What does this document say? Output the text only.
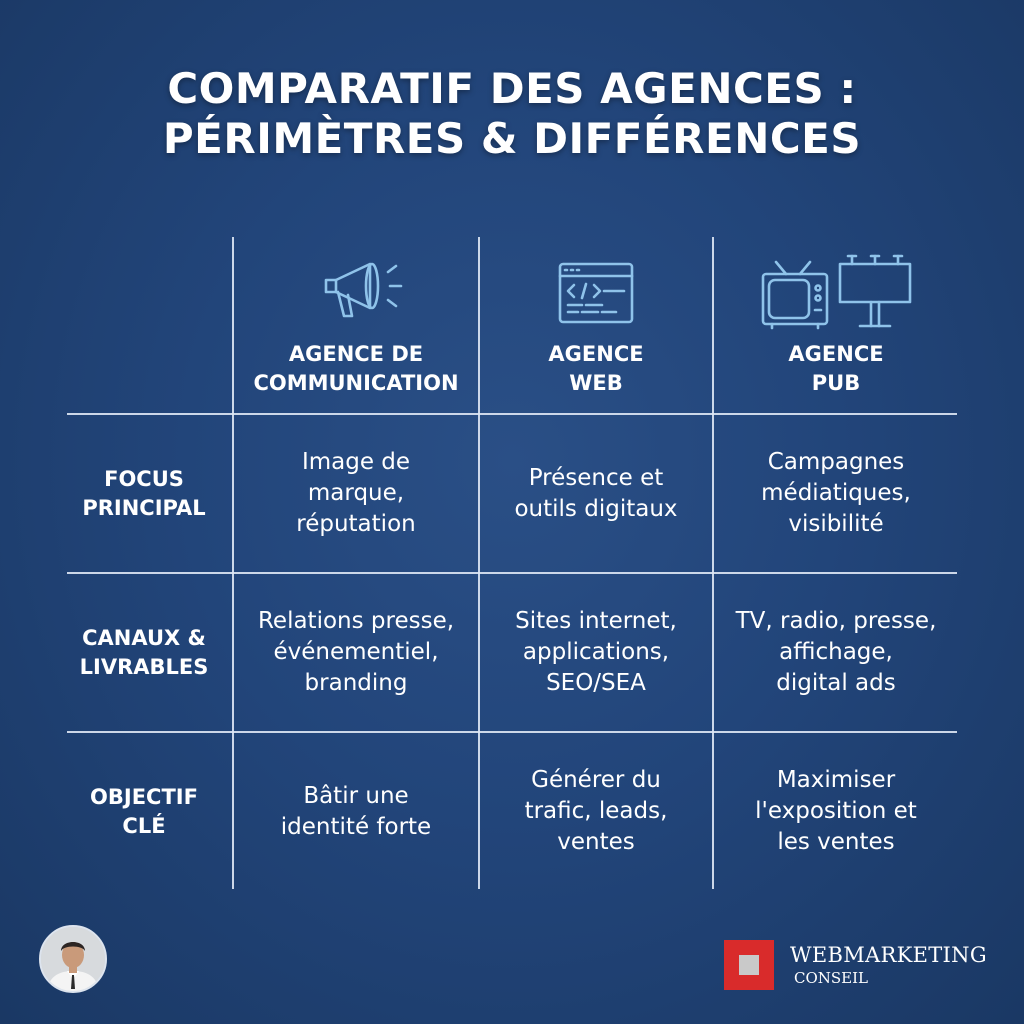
COMPARATIF DES AGENCES :
PÉRIMÈTRES & DIFFÉRENCES
AGENCE DE
COMMUNICATION
AGENCE
WEB
AGENCE
PUB
FOCUS
PRINCIPAL
Image de
marque,
réputation
Présence et
outils digitaux
Campagnes
médiatiques,
visibilité
CANAUX &
LIVRABLES
Relations presse,
événementiel,
branding
Sites internet,
applications,
SEO/SEA
TV, radio, presse,
affichage,
digital ads
OBJECTIF
CLÉ
Bâtir une
identité forte
Générer du
trafic, leads,
ventes
Maximiser
l'exposition et
les ventes
WEBMARKETING
CONSEIL
